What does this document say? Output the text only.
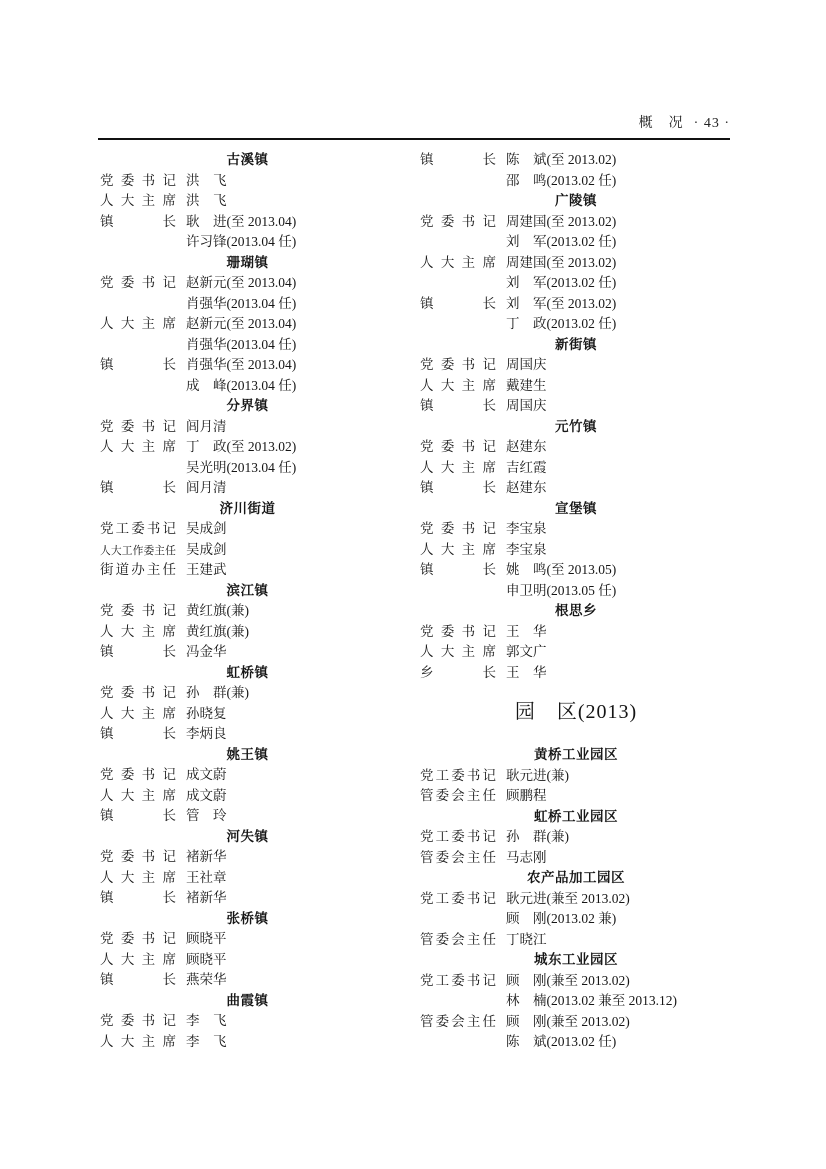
概　况 · 43 ·
古溪镇
党 委 书 记 洪　飞
人 大 主 席 洪　飞
镇	长 耿　进(至 2013.04)
许习锋(2013.04 任)
珊瑚镇
党 委 书 记 赵新元(至 2013.04)
肖强华(2013.04 任)
人 大 主 席 赵新元(至 2013.04)
肖强华(2013.04 任)
镇	长 肖强华(至 2013.04)
成　峰(2013.04 任)
分界镇
党 委 书 记 闾月清
人 大 主 席 丁　政(至 2013.02)
吴光明(2013.04 任)
镇	长 闾月清
济川街道
党 工 委 书 记 吴成剑
人 大 工 作 委 主 任 吴成剑
街 道 办 主 任 王建武
滨江镇
党 委 书 记 黄红旗(兼)
人 大 主 席 黄红旗(兼)
镇	长 冯金华
虹桥镇
党 委 书 记 孙　群(兼)
人 大 主 席 孙晓复
镇	长 李炳良
姚王镇
党 委 书 记 成文蔚
人 大 主 席 成文蔚
镇	长 管　玲
河失镇
党 委 书 记 褚新华
人 大 主 席 王社章
镇	长 褚新华
张桥镇
党 委 书 记 顾晓平
人 大 主 席 顾晓平
镇	长 燕荣华
曲霞镇
党 委 书 记 李　飞
人 大 主 席 李　飞
镇	长 陈　斌(至 2013.02)
邵　鸣(2013.02 任)
广陵镇
党 委 书 记 周建国(至 2013.02)
刘　军(2013.02 任)
人 大 主 席 周建国(至 2013.02)
刘　军(2013.02 任)
镇	长 刘　军(至 2013.02)
丁　政(2013.02 任)
新街镇
党 委 书 记 周国庆
人 大 主 席 戴建生
镇	长 周国庆
元竹镇
党 委 书 记 赵建东
人 大 主 席 吉红霞
镇	长 赵建东
宣堡镇
党 委 书 记 李宝泉
人 大 主 席 李宝泉
镇	长 姚　鸣(至 2013.05)
申卫明(2013.05 任)
根思乡
党 委 书 记 王　华
人 大 主 席 郭文广
乡	长 王　华
园　区(2013)
黄桥工业园区
党 工 委 书 记 耿元进(兼)
管 委 会 主 任 顾鹏程
虹桥工业园区
党 工 委 书 记 孙　群(兼)
管 委 会 主 任 马志刚
农产品加工园区
党 工 委 书 记 耿元进(兼至 2013.02)
顾　刚(2013.02 兼)
管 委 会 主 任 丁晓江
城东工业园区
党 工 委 书 记 顾　刚(兼至 2013.02)
林　楠(2013.02 兼至 2013.12)
管 委 会 主 任 顾　刚(兼至 2013.02)
陈　斌(2013.02 任)
